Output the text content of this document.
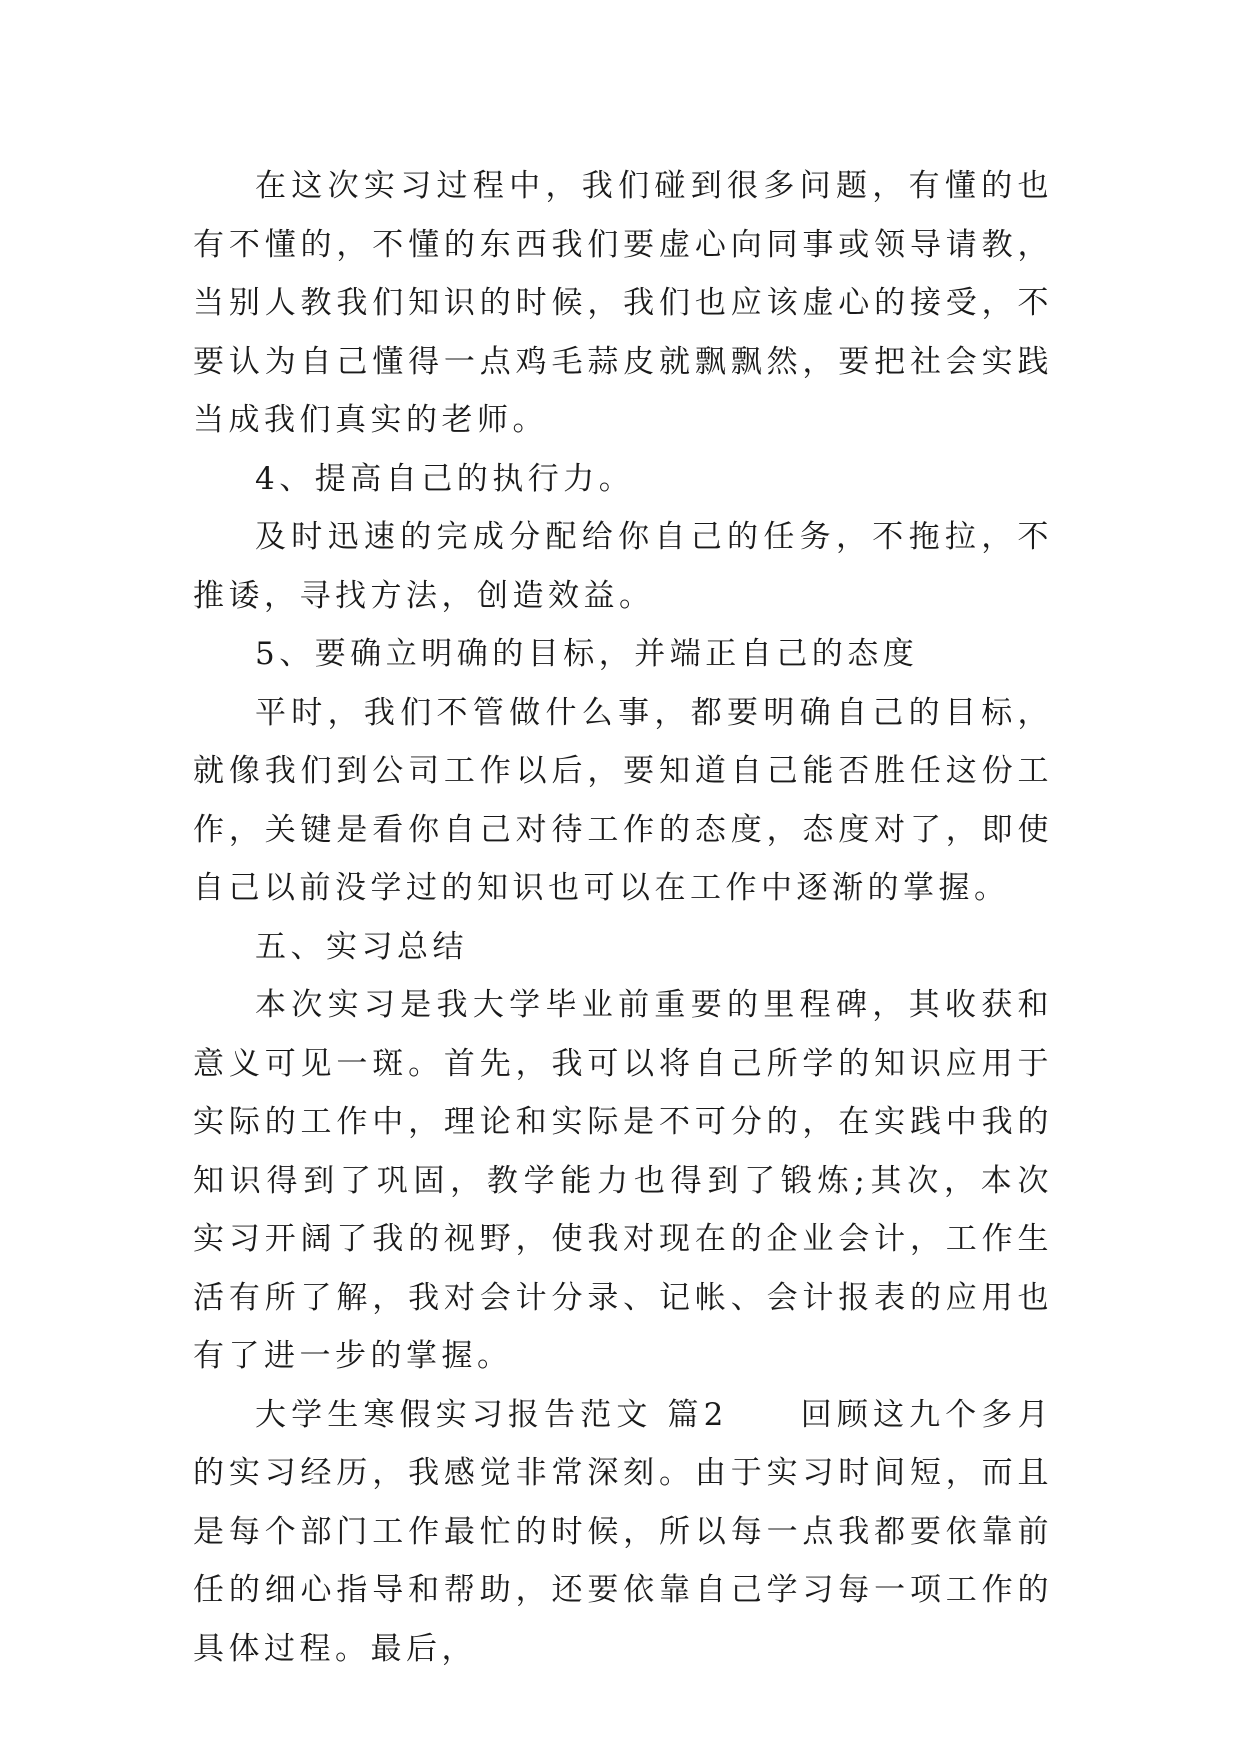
在这次实习过程中，我们碰到很多问题，有懂的也有不懂的，不懂的东西我们要虚心向同事或领导请教，当别人教我们知识的时候，我们也应该虚心的接受，不要认为自己懂得一点鸡毛蒜皮就飘飘然，要把社会实践当成我们真实的老师。

4、提高自己的执行力。

及时迅速的完成分配给你自己的任务，不拖拉，不推诿，寻找方法，创造效益。

5、要确立明确的目标，并端正自己的态度

平时，我们不管做什么事，都要明确自己的目标，就像我们到公司工作以后，要知道自己能否胜任这份工作，关键是看你自己对待工作的态度，态度对了，即使自己以前没学过的知识也可以在工作中逐渐的掌握。

五、实习总结

本次实习是我大学毕业前重要的里程碑，其收获和意义可见一斑。首先，我可以将自己所学的知识应用于实际的工作中，理论和实际是不可分的，在实践中我的知识得到了巩固，教学能力也得到了锻炼;其次，本次实习开阔了我的视野，使我对现在的企业会计，工作生活有所了解，我对会计分录、记帐、会计报表的应用也有了进一步的掌握。

大学生寒假实习报告范文 篇2　　回顾这九个多月的实习经历，我感觉非常深刻。由于实习时间短，而且是每个部门工作最忙的时候，所以每一点我都要依靠前任的细心指导和帮助，还要依靠自己学习每一项工作的具体过程。最后，
